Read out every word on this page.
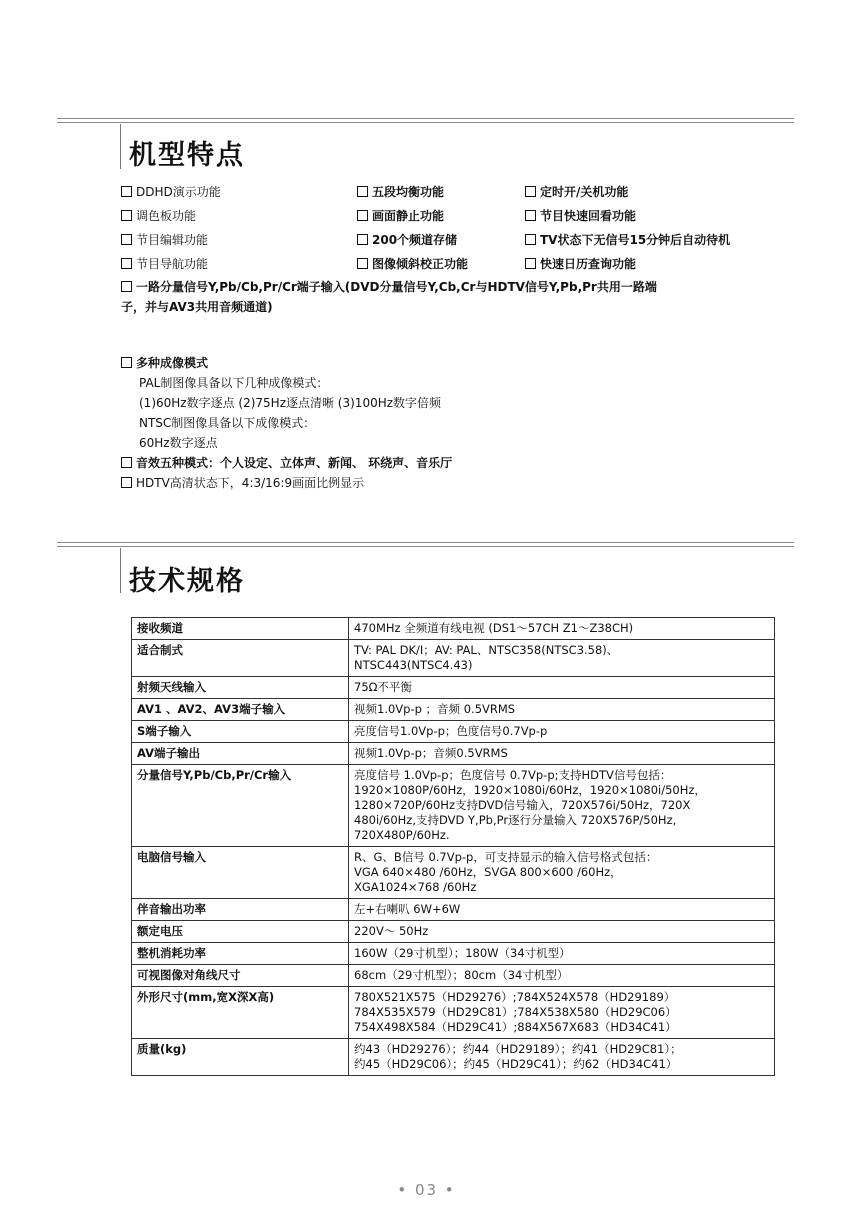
机型特点
DDHD演示功能	五段均衡功能	定时开/关机功能
调色板功能	画面静止功能	节目快速回看功能
节目编辑功能	200个频道存储	TV状态下无信号15分钟后自动待机
节目导航功能	图像倾斜校正功能	快速日历查询功能
一路分量信号Y,Pb/Cb,Pr/Cr端子输入(DVD分量信号Y,Cb,Cr与HDTV信号Y,Pb,Pr共用一路端
子，并与AV3共用音频通道)
多种成像模式
PAL制图像具备以下几种成像模式：
(1)60Hz数字逐点 (2)75Hz逐点清晰 (3)100Hz数字倍频
NTSC制图像具备以下成像模式：
60Hz数字逐点
音效五种模式：个人设定、立体声、新闻、 环绕声、音乐厅
HDTV高清状态下，4:3/16:9画面比例显示
技术规格
接收频道	470MHz 全频道有线电视 (DS1～57CH Z1～Z38CH)
适合制式	TV: PAL DK/I；AV: PAL、NTSC358(NTSC3.58)、
NTSC443(NTSC4.43)
射频天线输入	75Ω不平衡
AV1 、AV2、AV3端子输入	视频1.0Vp-p ；音频 0.5VRMS
S端子输入	亮度信号1.0Vp-p；色度信号0.7Vp-p
AV端子输出	视频1.0Vp-p；音频0.5VRMS
分量信号Y,Pb/Cb,Pr/Cr输入	亮度信号 1.0Vp-p；色度信号 0.7Vp-p;支持HDTV信号包括：
1920×1080P/60Hz，1920×1080i/60Hz，1920×1080i/50Hz，
1280×720P/60Hz支持DVD信号输入，720X576i/50Hz，720X
480i/60Hz,支持DVD Y,Pb,Pr逐行分量输入 720X576P/50Hz,
720X480P/60Hz.
电脑信号输入	R、G、B信号 0.7Vp-p，可支持显示的输入信号格式包括：
VGA 640×480 /60Hz，SVGA 800×600 /60Hz，
XGA1024×768 /60Hz
伴音输出功率	左+右喇叭 6W+6W
额定电压	220V～ 50Hz
整机消耗功率	160W（29寸机型）；180W（34寸机型）
可视图像对角线尺寸	68cm（29寸机型）；80cm（34寸机型）
外形尺寸(mm,宽X深X高)	780X521X575（HD29276）;784X524X578（HD29189）
784X535X579（HD29C81）;784X538X580（HD29C06）
754X498X584（HD29C41）;884X567X683（HD34C41）
质量(kg)	约43（HD29276）；约44（HD29189）；约41（HD29C81）；
约45（HD29C06）；约45（HD29C41）；约62（HD34C41）
• 03 •
